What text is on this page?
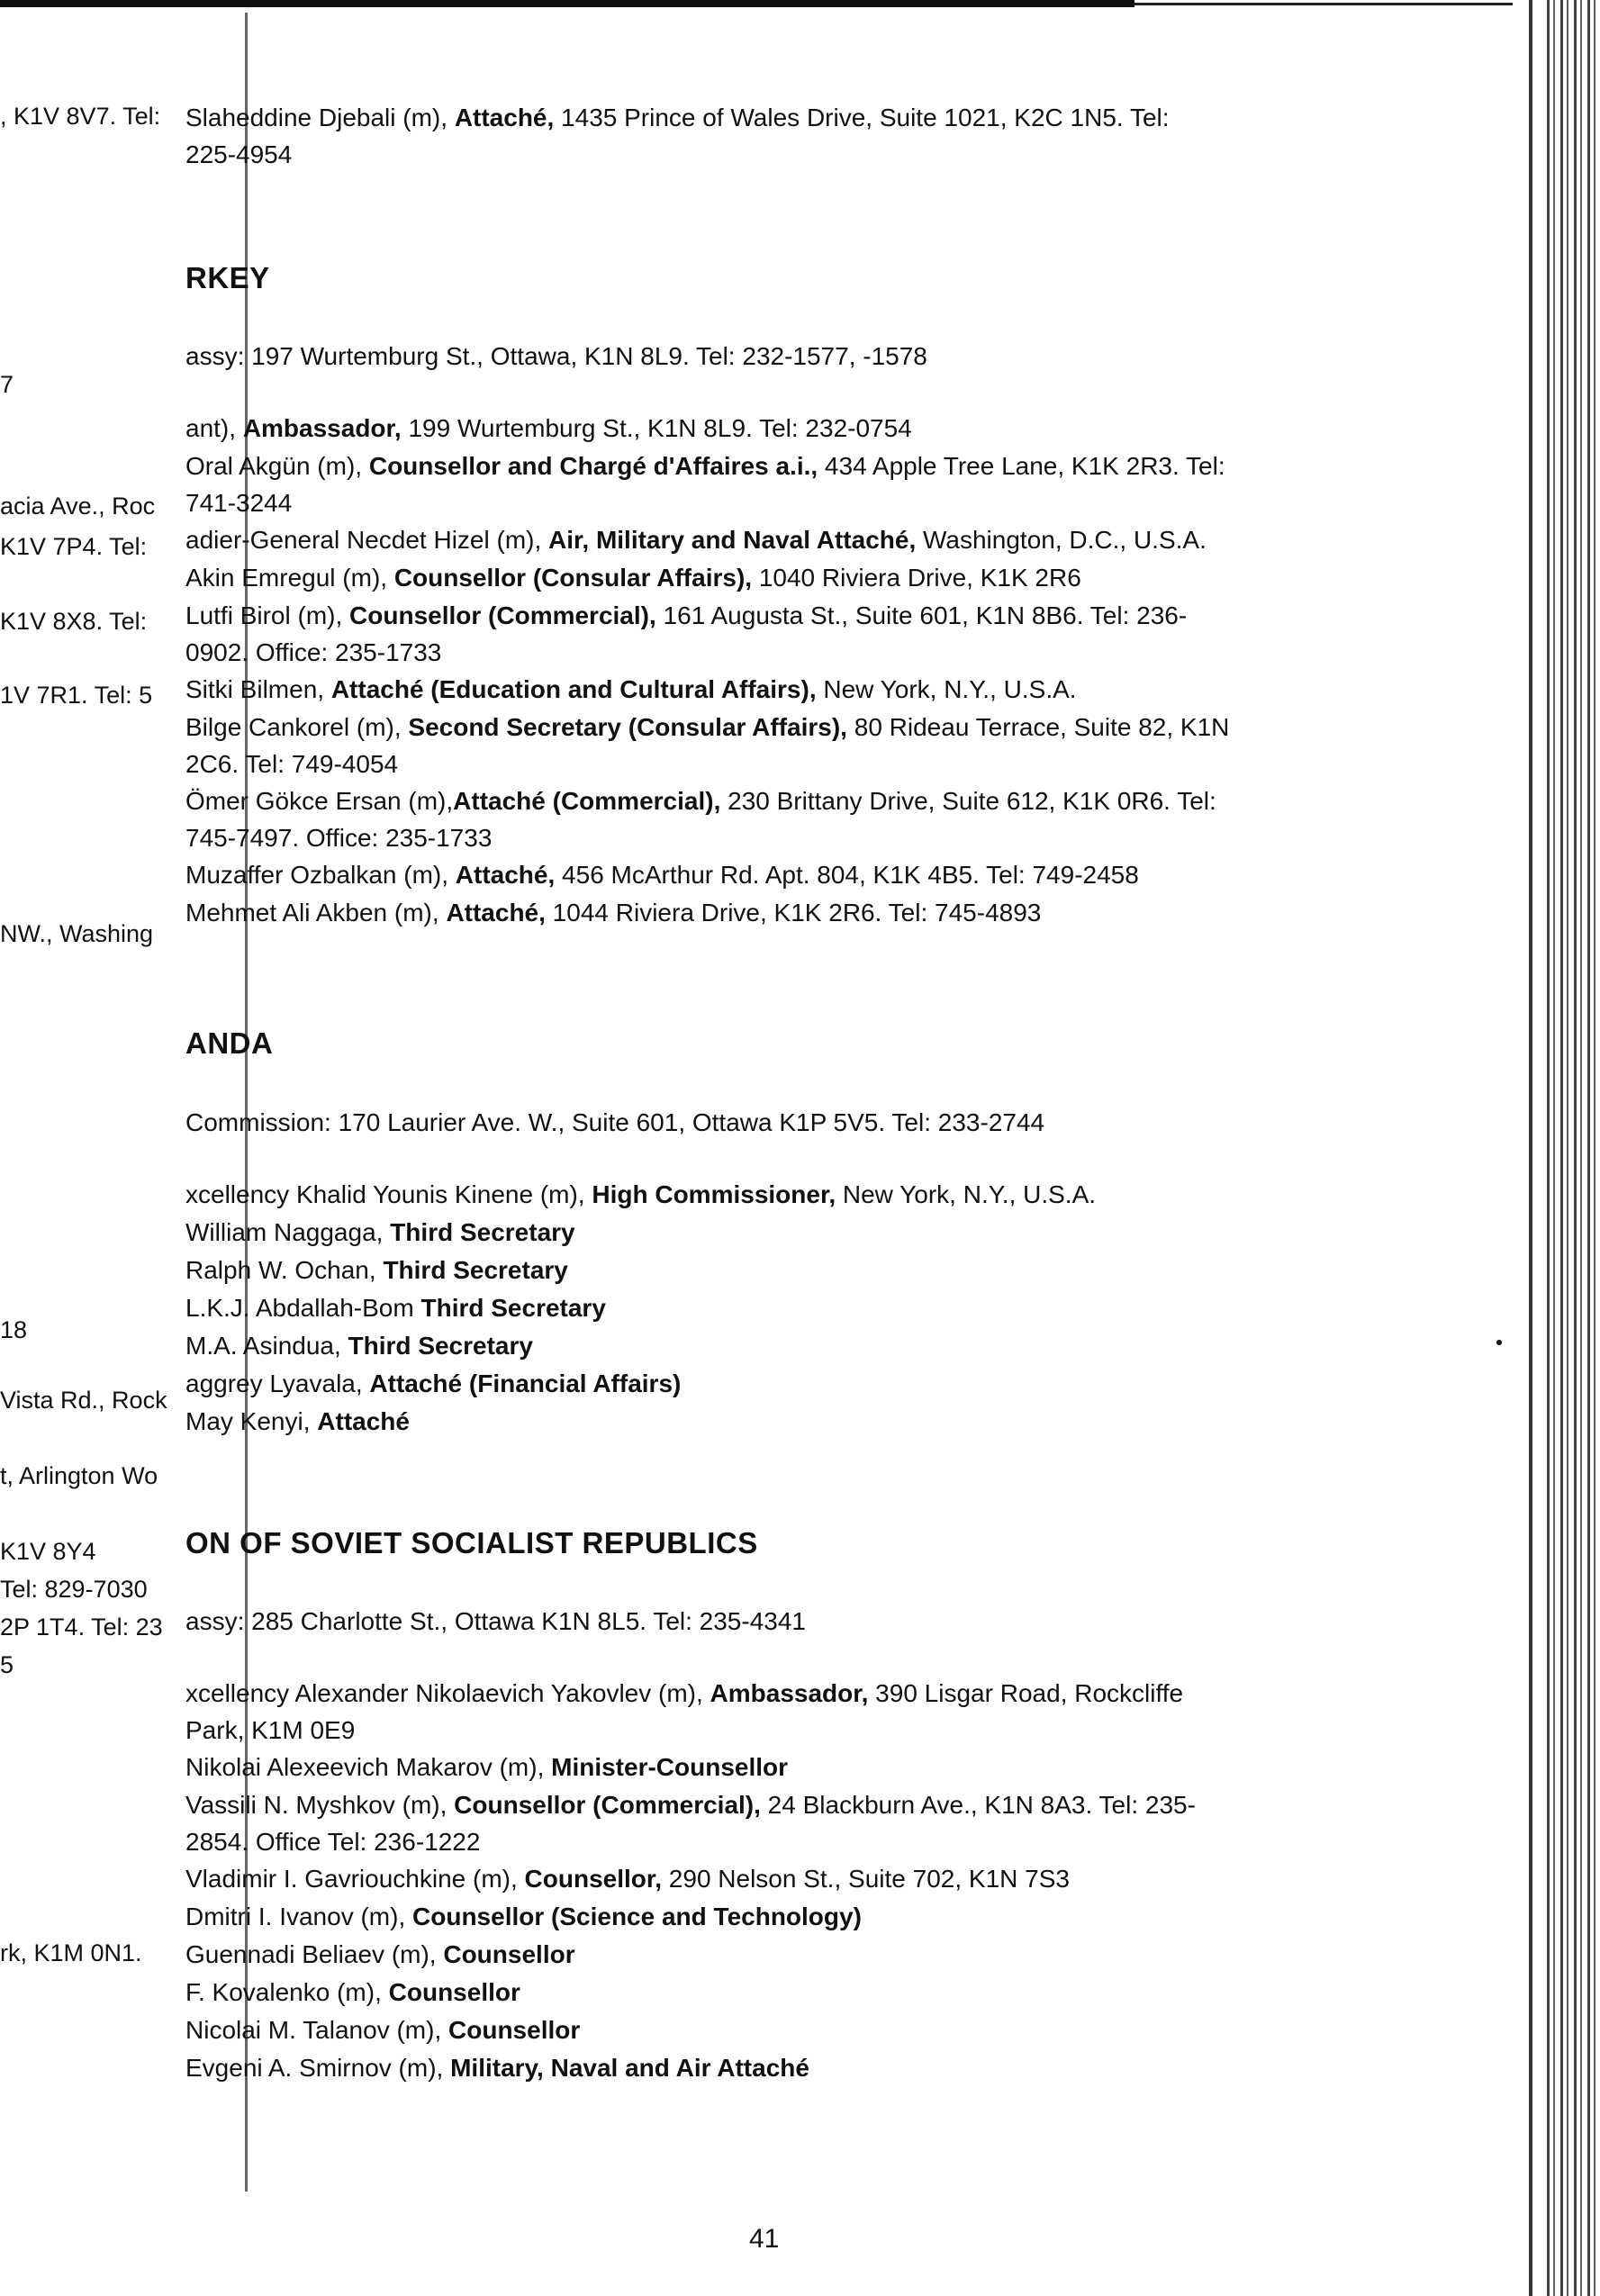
, K1V 8V7. Tel:
7
acia Ave., Roc
K1V 7P4. Tel:
K1V 8X8. Tel:
1V 7R1. Tel: 5
NW., Washing
18
Vista Rd., Rock
t, Arlington Wo
K1V 8Y4
Tel: 829-7030
2P 1T4. Tel: 23
5
rk, K1M 0N1.
Slaheddine Djebali (m), Attaché, 1435 Prince of Wales Drive, Suite 1021, K2C 1N5. Tel:
225-4954
RKEY
assy: 197 Wurtemburg St., Ottawa, K1N 8L9. Tel: 232-1577, -1578
ant), Ambassador, 199 Wurtemburg St., K1N 8L9. Tel: 232-0754
Oral Akgün (m), Counsellor and Chargé d'Affaires a.i., 434 Apple Tree Lane, K1K 2R3. Tel:
741-3244
adier-General Necdet Hizel (m), Air, Military and Naval Attaché, Washington, D.C., U.S.A.
Akin Emregul (m), Counsellor (Consular Affairs), 1040 Riviera Drive, K1K 2R6
Lutfi Birol (m), Counsellor (Commercial), 161 Augusta St., Suite 601, K1N 8B6. Tel: 236-
0902. Office: 235-1733
Sitki Bilmen, Attaché (Education and Cultural Affairs), New York, N.Y., U.S.A.
Bilge Cankorel (m), Second Secretary (Consular Affairs), 80 Rideau Terrace, Suite 82, K1N
2C6. Tel: 749-4054
Ömer Gökce Ersan (m),Attaché (Commercial), 230 Brittany Drive, Suite 612, K1K 0R6. Tel:
745-7497. Office: 235-1733
Muzaffer Ozbalkan (m), Attaché, 456 McArthur Rd. Apt. 804, K1K 4B5. Tel: 749-2458
Mehmet Ali Akben (m), Attaché, 1044 Riviera Drive, K1K 2R6. Tel: 745-4893
ANDA
Commission: 170 Laurier Ave. W., Suite 601, Ottawa K1P 5V5. Tel: 233-2744
xcellency Khalid Younis Kinene (m), High Commissioner, New York, N.Y., U.S.A.
William Naggaga, Third Secretary
Ralph W. Ochan, Third Secretary
L.K.J. Abdallah-Bom Third Secretary
M.A. Asindua, Third Secretary
aggrey Lyavala, Attaché (Financial Affairs)
May Kenyi, Attaché
ON OF SOVIET SOCIALIST REPUBLICS
assy: 285 Charlotte St., Ottawa K1N 8L5. Tel: 235-4341
xcellency Alexander Nikolaevich Yakovlev (m), Ambassador, 390 Lisgar Road, Rockcliffe
Park, K1M 0E9
Nikolai Alexeevich Makarov (m), Minister-Counsellor
Vassili N. Myshkov (m), Counsellor (Commercial), 24 Blackburn Ave., K1N 8A3. Tel: 235-
2854. Office Tel: 236-1222
Vladimir I. Gavriouchkine (m), Counsellor, 290 Nelson St., Suite 702, K1N 7S3
Dmitri I. Ivanov (m), Counsellor (Science and Technology)
Guennadi Beliaev (m), Counsellor
F. Kovalenko (m), Counsellor
Nicolai M. Talanov (m), Counsellor
Evgeni A. Smirnov (m), Military, Naval and Air Attaché
41
